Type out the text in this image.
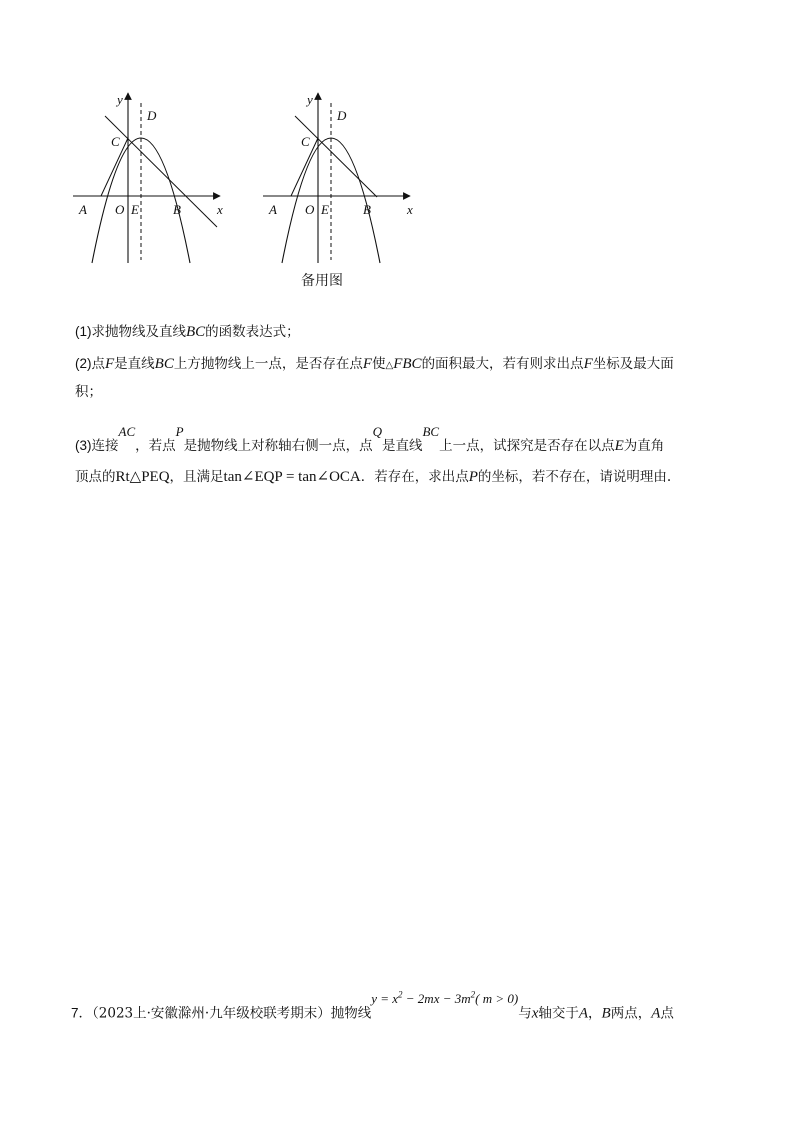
y
x
C
D
A O E	B
y
x
C
D
A O E	B
备用图
(1)求抛物线及直线BC的函数表达式；
(2)点F是直线BC上方抛物线上一点，是否存在点F使△FBC的面积最大，若有则求出点F坐标及最大面
积；
(3)连接AC，若点P是抛物线上对称轴右侧一点，点Q是直线BC上一点，试探究是否存在以点E为直角
顶点的Rt△PEQ，且满足tan∠EQP = tan∠OCA．若存在，求出点P的坐标，若不存在，请说明理由.
7．（2023上·安徽滁州·九年级校联考期末）抛物线$y = x^2 - 2mx - 3m^2$( m > 0)与x轴交于A，B两点，A点
